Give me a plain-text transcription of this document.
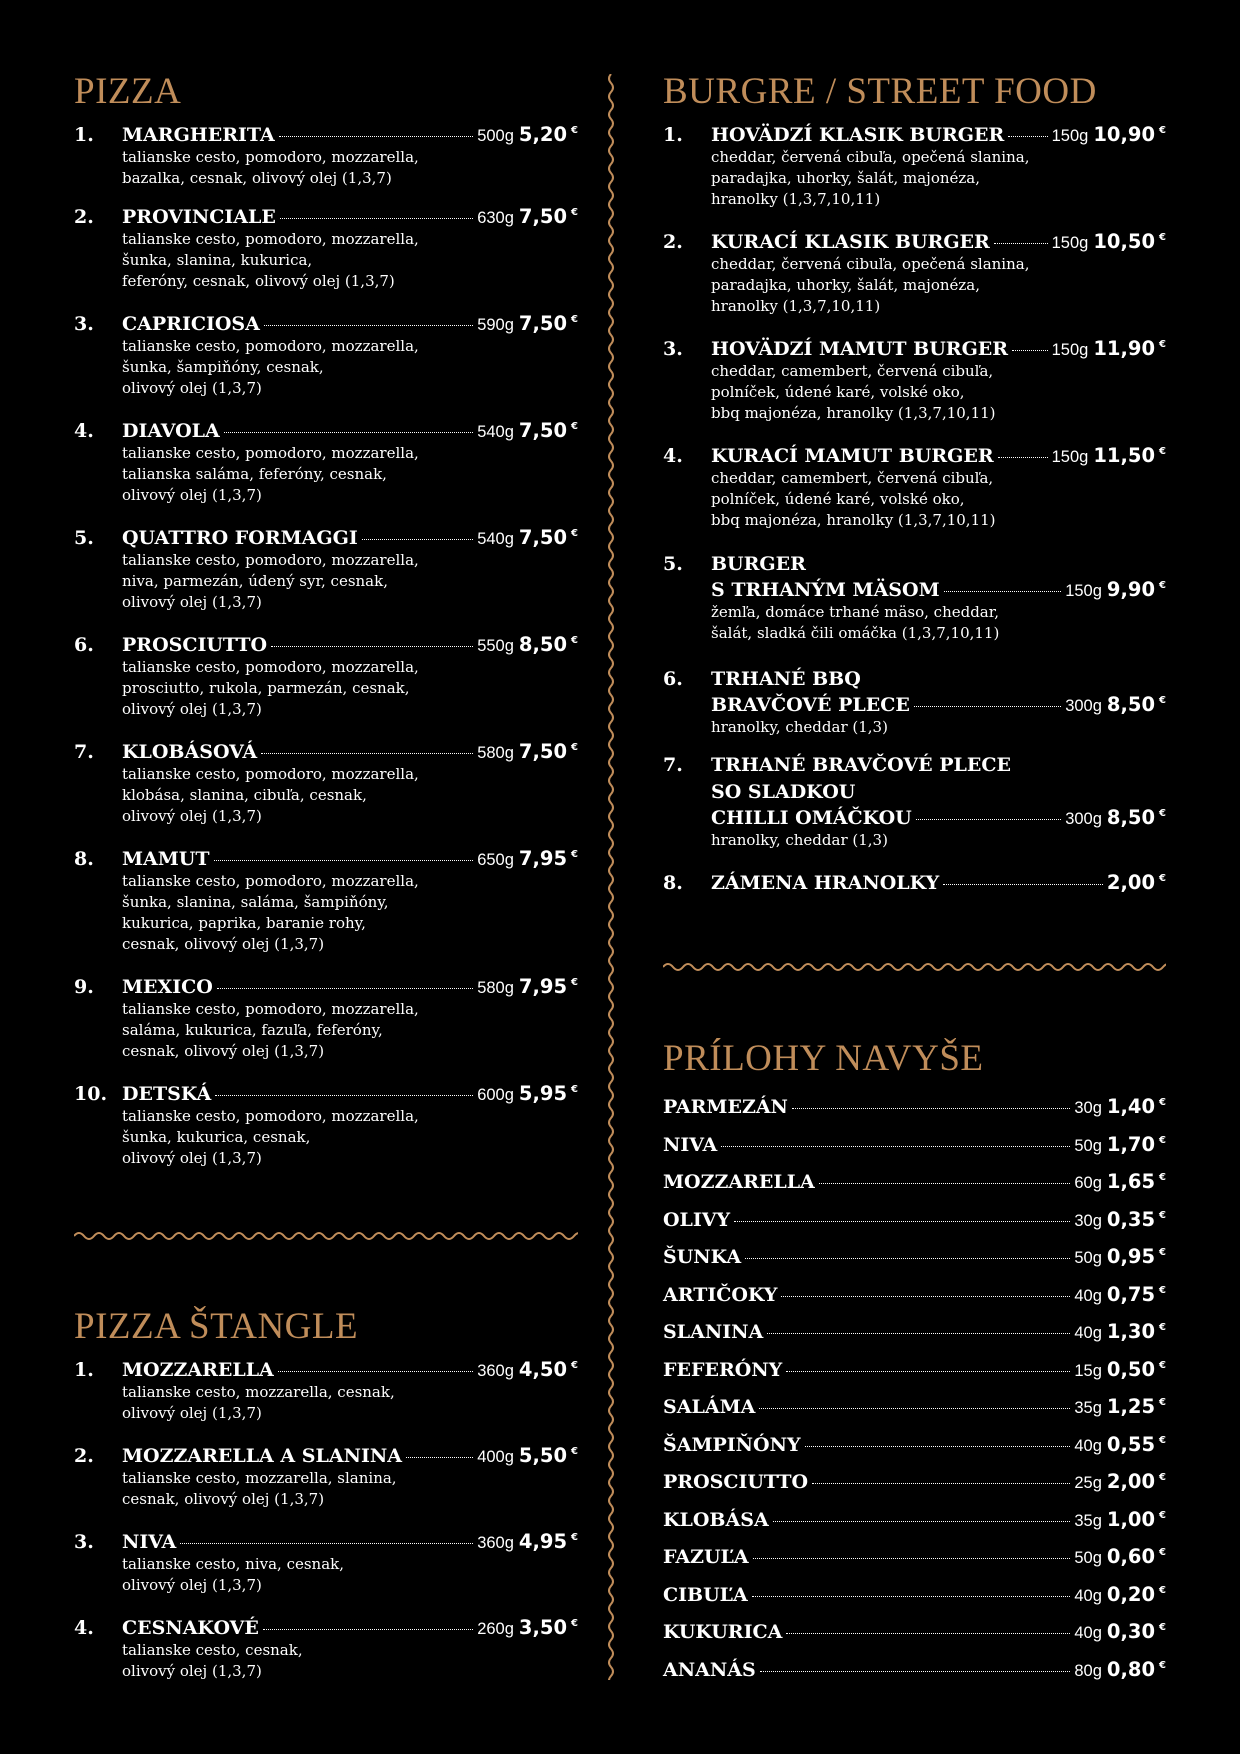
PIZZA
1.	MARGHERITA	500g 5,20 €
talianske cesto, pomodoro, mozzarella,
bazalka, cesnak, olivový olej (1,3,7)
2.	PROVINCIALE	630g 7,50 €
talianske cesto, pomodoro, mozzarella,
šunka, slanina, kukurica,
feferóny, cesnak, olivový olej (1,3,7)
3.	CAPRICIOSA	590g 7,50 €
talianske cesto, pomodoro, mozzarella,
šunka, šampiňóny, cesnak,
olivový olej (1,3,7)
4.	DIAVOLA	540g 7,50 €
talianske cesto, pomodoro, mozzarella,
talianska saláma, feferóny, cesnak,
olivový olej (1,3,7)
5.	QUATTRO FORMAGGI	540g 7,50 €
talianske cesto, pomodoro, mozzarella,
niva, parmezán, údený syr, cesnak,
olivový olej (1,3,7)
6.	PROSCIUTTO	550g 8,50 €
talianske cesto, pomodoro, mozzarella,
prosciutto, rukola, parmezán, cesnak,
olivový olej (1,3,7)
7.	KLOBÁSOVÁ	580g 7,50 €
talianske cesto, pomodoro, mozzarella,
klobása, slanina, cibuľa, cesnak,
olivový olej (1,3,7)
8.	MAMUT	650g 7,95 €
talianske cesto, pomodoro, mozzarella,
šunka, slanina, saláma, šampiňóny,
kukurica, paprika, baranie rohy,
cesnak, olivový olej (1,3,7)
9.	MEXICO	580g 7,95 €
talianske cesto, pomodoro, mozzarella,
saláma, kukurica, fazuľa, feferóny,
cesnak, olivový olej (1,3,7)
10. DETSKÁ	600g 5,95 €
talianske cesto, pomodoro, mozzarella,
šunka, kukurica, cesnak,
olivový olej (1,3,7)
PIZZA ŠTANGLE
1.	MOZZARELLA	360g 4,50 €
talianske cesto, mozzarella, cesnak,
olivový olej (1,3,7)
2.	MOZZARELLA A SLANINA	400g 5,50 €
talianske cesto, mozzarella, slanina,
cesnak, olivový olej (1,3,7)
3.	NIVA	360g 4,95 €
talianske cesto, niva, cesnak,
olivový olej (1,3,7)
4.	CESNAKOVÉ	260g 3,50 €
talianske cesto, cesnak,
olivový olej (1,3,7)
BURGRE / STREET FOOD
1.	HOVÄDZÍ KLASIK BURGER	150g 10,90 €
cheddar, červená cibuľa, opečená slanina,
paradajka, uhorky, šalát, majonéza,
hranolky (1,3,7,10,11)
2.	KURACÍ KLASIK BURGER	150g 10,50 €
cheddar, červená cibuľa, opečená slanina,
paradajka, uhorky, šalát, majonéza,
hranolky (1,3,7,10,11)
3.	HOVÄDZÍ MAMUT BURGER	150g 11,90 €
cheddar, camembert, červená cibuľa,
polníček, údené karé, volské oko,
bbq majonéza, hranolky (1,3,7,10,11)
4.	KURACÍ MAMUT BURGER	150g 11,50 €
cheddar, camembert, červená cibuľa,
polníček, údené karé, volské oko,
bbq majonéza, hranolky (1,3,7,10,11)
5.	BURGER
S TRHANÝM MÄSOM	150g 9,90 €
žemľa, domáce trhané mäso, cheddar,
šalát, sladká čili omáčka (1,3,7,10,11)
6.	TRHANÉ BBQ
BRAVČOVÉ PLECE	300g 8,50 €
hranolky, cheddar (1,3)
7.	TRHANÉ BRAVČOVÉ PLECE
SO SLADKOU
CHILLI OMÁČKOU	300g 8,50 €
hranolky, cheddar (1,3)
8.	ZÁMENA HRANOLKY	2,00 €
PRÍLOHY NAVYŠE
PARMEZÁN	30g 1,40 €
NIVA	50g 1,70 €
MOZZARELLA	60g 1,65 €
OLIVY	30g 0,35 €
ŠUNKA	50g 0,95 €
ARTIČOKY	40g 0,75 €
SLANINA	40g 1,30 €
FEFERÓNY	15g 0,50 €
SALÁMA	35g 1,25 €
ŠAMPIŇÓNY	40g 0,55 €
PROSCIUTTO	25g 2,00 €
KLOBÁSA	35g 1,00 €
FAZUĽA	50g 0,60 €
CIBUĽA	40g 0,20 €
KUKURICA	40g 0,30 €
ANANÁS	80g 0,80 €
